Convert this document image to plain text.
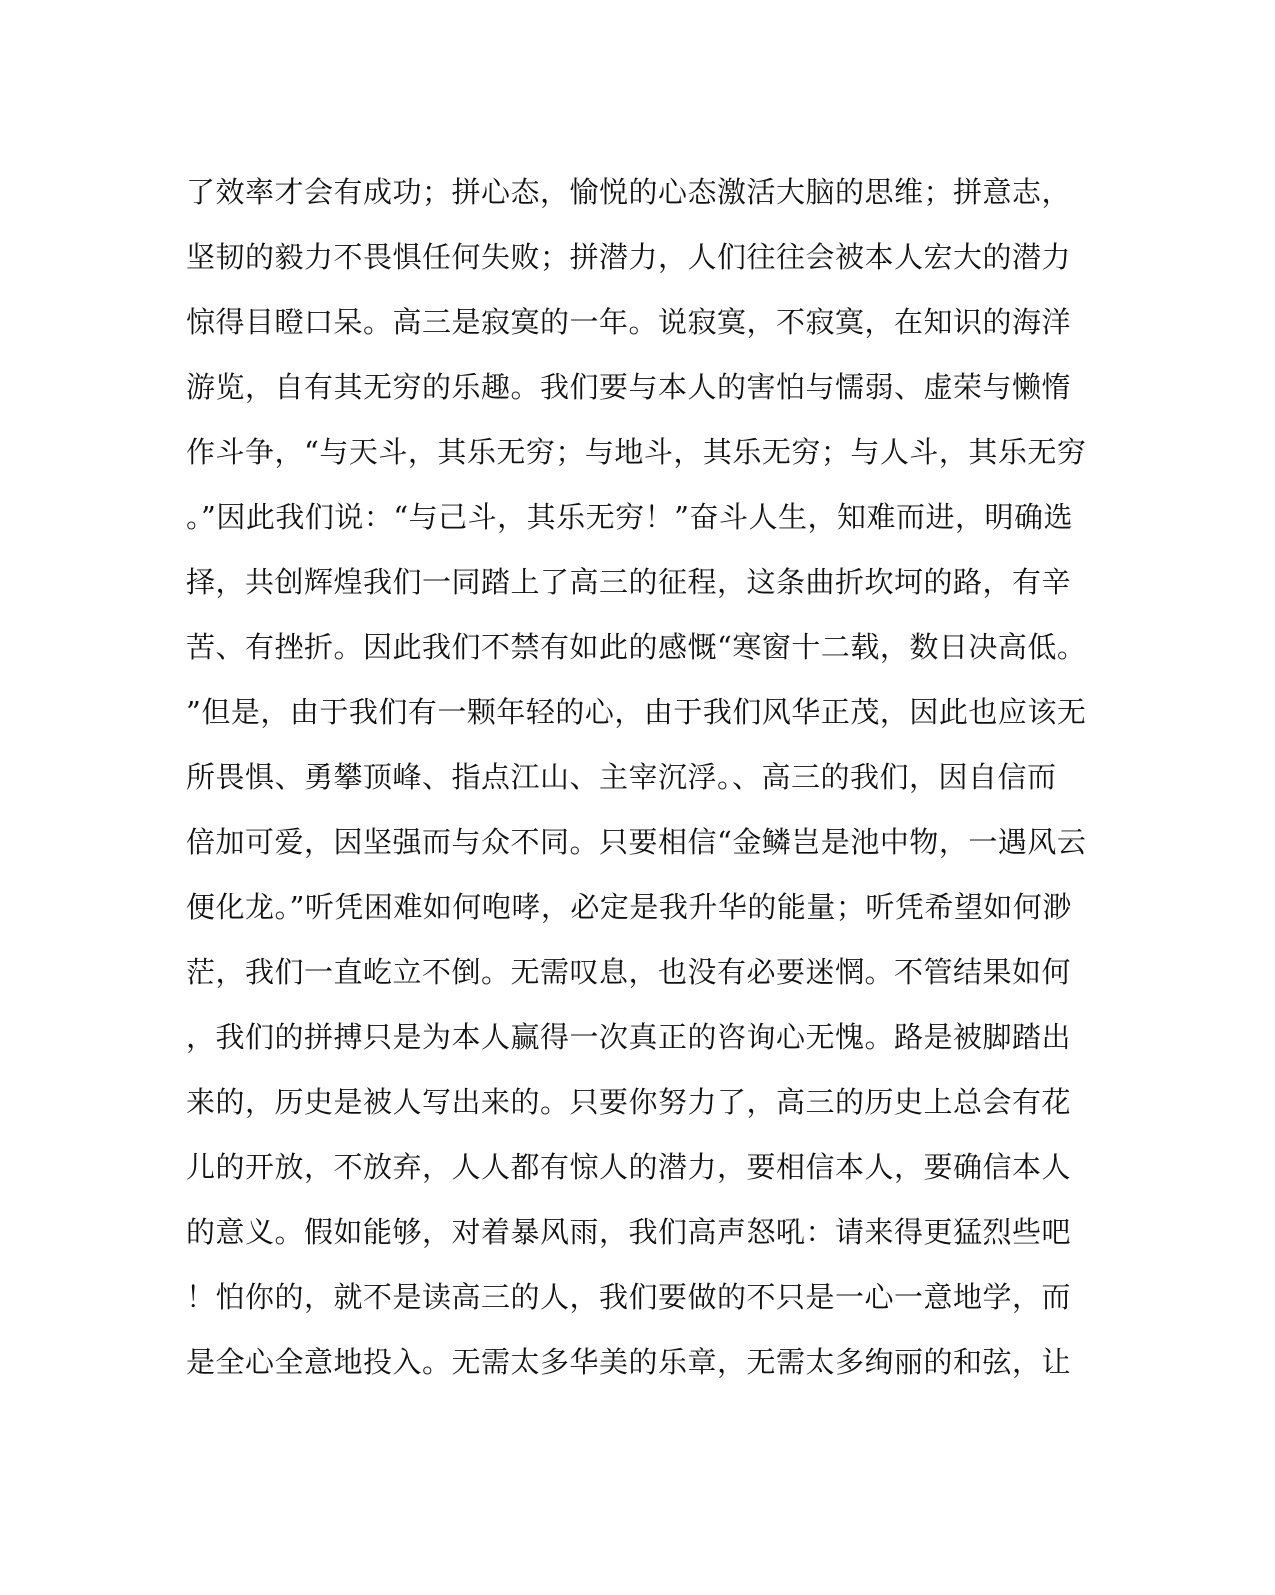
了效率才会有成功；拼心态，愉悦的心态激活大脑的思维；拼意志，
坚韧的毅力不畏惧任何失败；拼潜力，人们往往会被本人宏大的潜力
惊得目瞪口呆。高三是寂寞的一年。说寂寞，不寂寞，在知识的海洋
游览，自有其无穷的乐趣。我们要与本人的害怕与懦弱、虚荣与懒惰
作斗争，“与天斗，其乐无穷；与地斗，其乐无穷；与人斗，其乐无穷
。”因此我们说：“与己斗，其乐无穷！”奋斗人生，知难而进，明确选
择，共创辉煌我们一同踏上了高三的征程，这条曲折坎坷的路，有辛
苦、有挫折。因此我们不禁有如此的感慨“寒窗十二载，数日决高低。
”但是，由于我们有一颗年轻的心，由于我们风华正茂，因此也应该无
所畏惧、勇攀顶峰、指点江山、主宰沉浮。、高三的我们，因自信而
倍加可爱，因坚强而与众不同。只要相信“金鳞岂是池中物，一遇风云
便化龙。”听凭困难如何咆哮，必定是我升华的能量；听凭希望如何渺
茫，我们一直屹立不倒。无需叹息，也没有必要迷惘。不管结果如何
，我们的拼搏只是为本人赢得一次真正的咨询心无愧。路是被脚踏出
来的，历史是被人写出来的。只要你努力了，高三的历史上总会有花
儿的开放，不放弃，人人都有惊人的潜力，要相信本人，要确信本人
的意义。假如能够，对着暴风雨，我们高声怒吼：请来得更猛烈些吧
！怕你的，就不是读高三的人，我们要做的不只是一心一意地学，而
是全心全意地投入。无需太多华美的乐章，无需太多绚丽的和弦，让
